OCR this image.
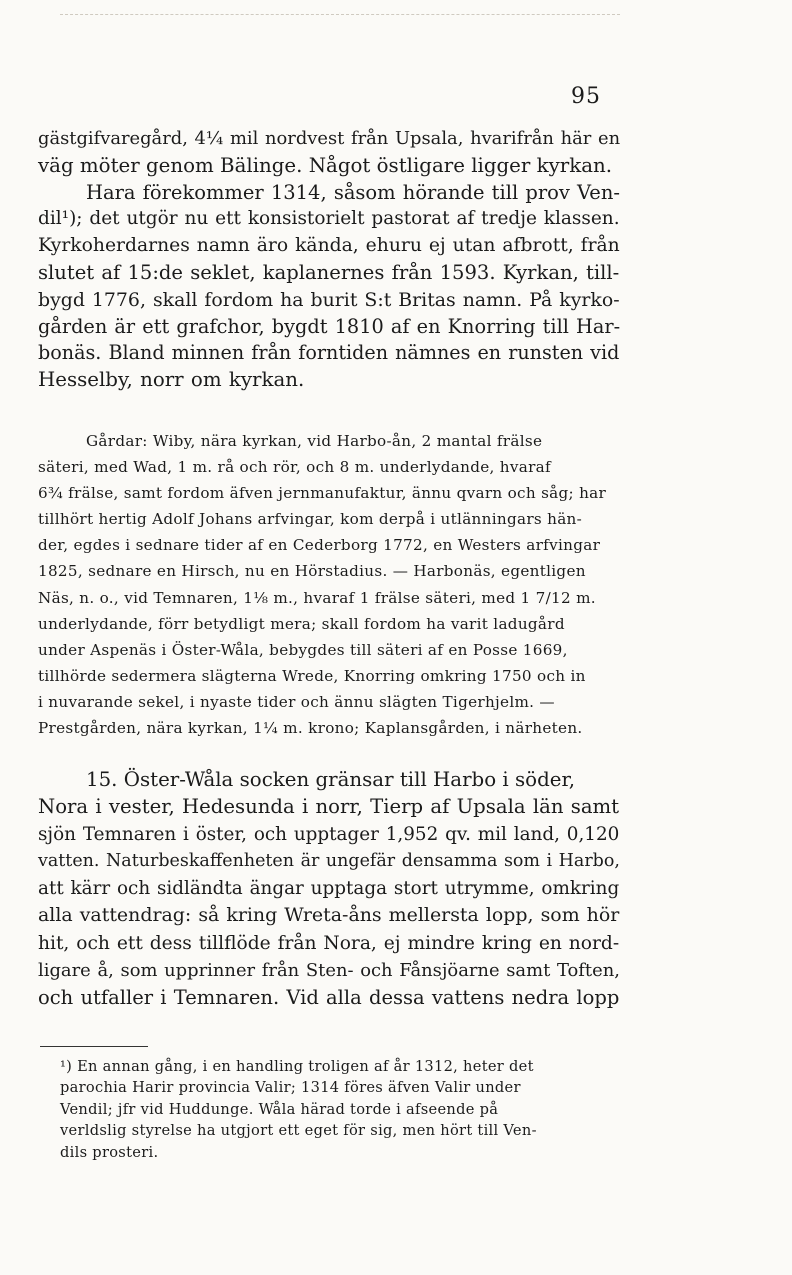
95
gästgifvaregård, 4¼ mil nordvest från Upsala, hvarifrån här en
väg möter genom Bälinge. Något östligare ligger kyrkan.
Hara förekommer 1314, såsom hörande till prov Ven-
dil¹); det utgör nu ett konsistorielt pastorat af tredje klassen.
Kyrkoherdarnes namn äro kända, ehuru ej utan afbrott, från
slutet af 15:de seklet, kaplanernes från 1593. Kyrkan, till-
bygd 1776, skall fordom ha burit S:t Britas namn. På kyrko-
gården är ett grafchor, bygdt 1810 af en Knorring till Har-
bonäs. Bland minnen från forntiden nämnes en runsten vid
Hesselby, norr om kyrkan.
Gårdar: Wiby, nära kyrkan, vid Harbo-ån, 2 mantal frälse
säteri, med Wad, 1 m. rå och rör, och 8 m. underlydande, hvaraf
6¾ frälse, samt fordom äfven jernmanufaktur, ännu qvarn och såg; har
tillhört hertig Adolf Johans arfvingar, kom derpå i utlänningars hän-
der, egdes i sednare tider af en Cederborg 1772, en Westers arfvingar
1825, sednare en Hirsch, nu en Hörstadius. — Harbonäs, egentligen
Näs, n. o., vid Temnaren, 1⅛ m., hvaraf 1 frälse säteri, med 1 7/12 m.
underlydande, förr betydligt mera; skall fordom ha varit ladugård
under Aspenäs i Öster-Wåla, bebygdes till säteri af en Posse 1669,
tillhörde sedermera slägterna Wrede, Knorring omkring 1750 och in
i nuvarande sekel, i nyaste tider och ännu slägten Tigerhjelm. —
Prestgården, nära kyrkan, 1¼ m. krono; Kaplansgården, i närheten.
15. Öster-Wåla socken gränsar till Harbo i söder,
Nora i vester, Hedesunda i norr, Tierp af Upsala län samt
sjön Temnaren i öster, och upptager 1,952 qv. mil land, 0,120
vatten. Naturbeskaffenheten är ungefär densamma som i Harbo,
att kärr och sidländta ängar upptaga stort utrymme, omkring
alla vattendrag: så kring Wreta-åns mellersta lopp, som hör
hit, och ett dess tillflöde från Nora, ej mindre kring en nord-
ligare å, som upprinner från Sten- och Fånsjöarne samt Toften,
och utfaller i Temnaren. Vid alla dessa vattens nedra lopp
¹) En annan gång, i en handling troligen af år 1312, heter det
parochia Harir provincia Valir; 1314 föres äfven Valir under
Vendil; jfr vid Huddunge. Wåla härad torde i afseende på
verldslig styrelse ha utgjort ett eget för sig, men hört till Ven-
dils prosteri.
